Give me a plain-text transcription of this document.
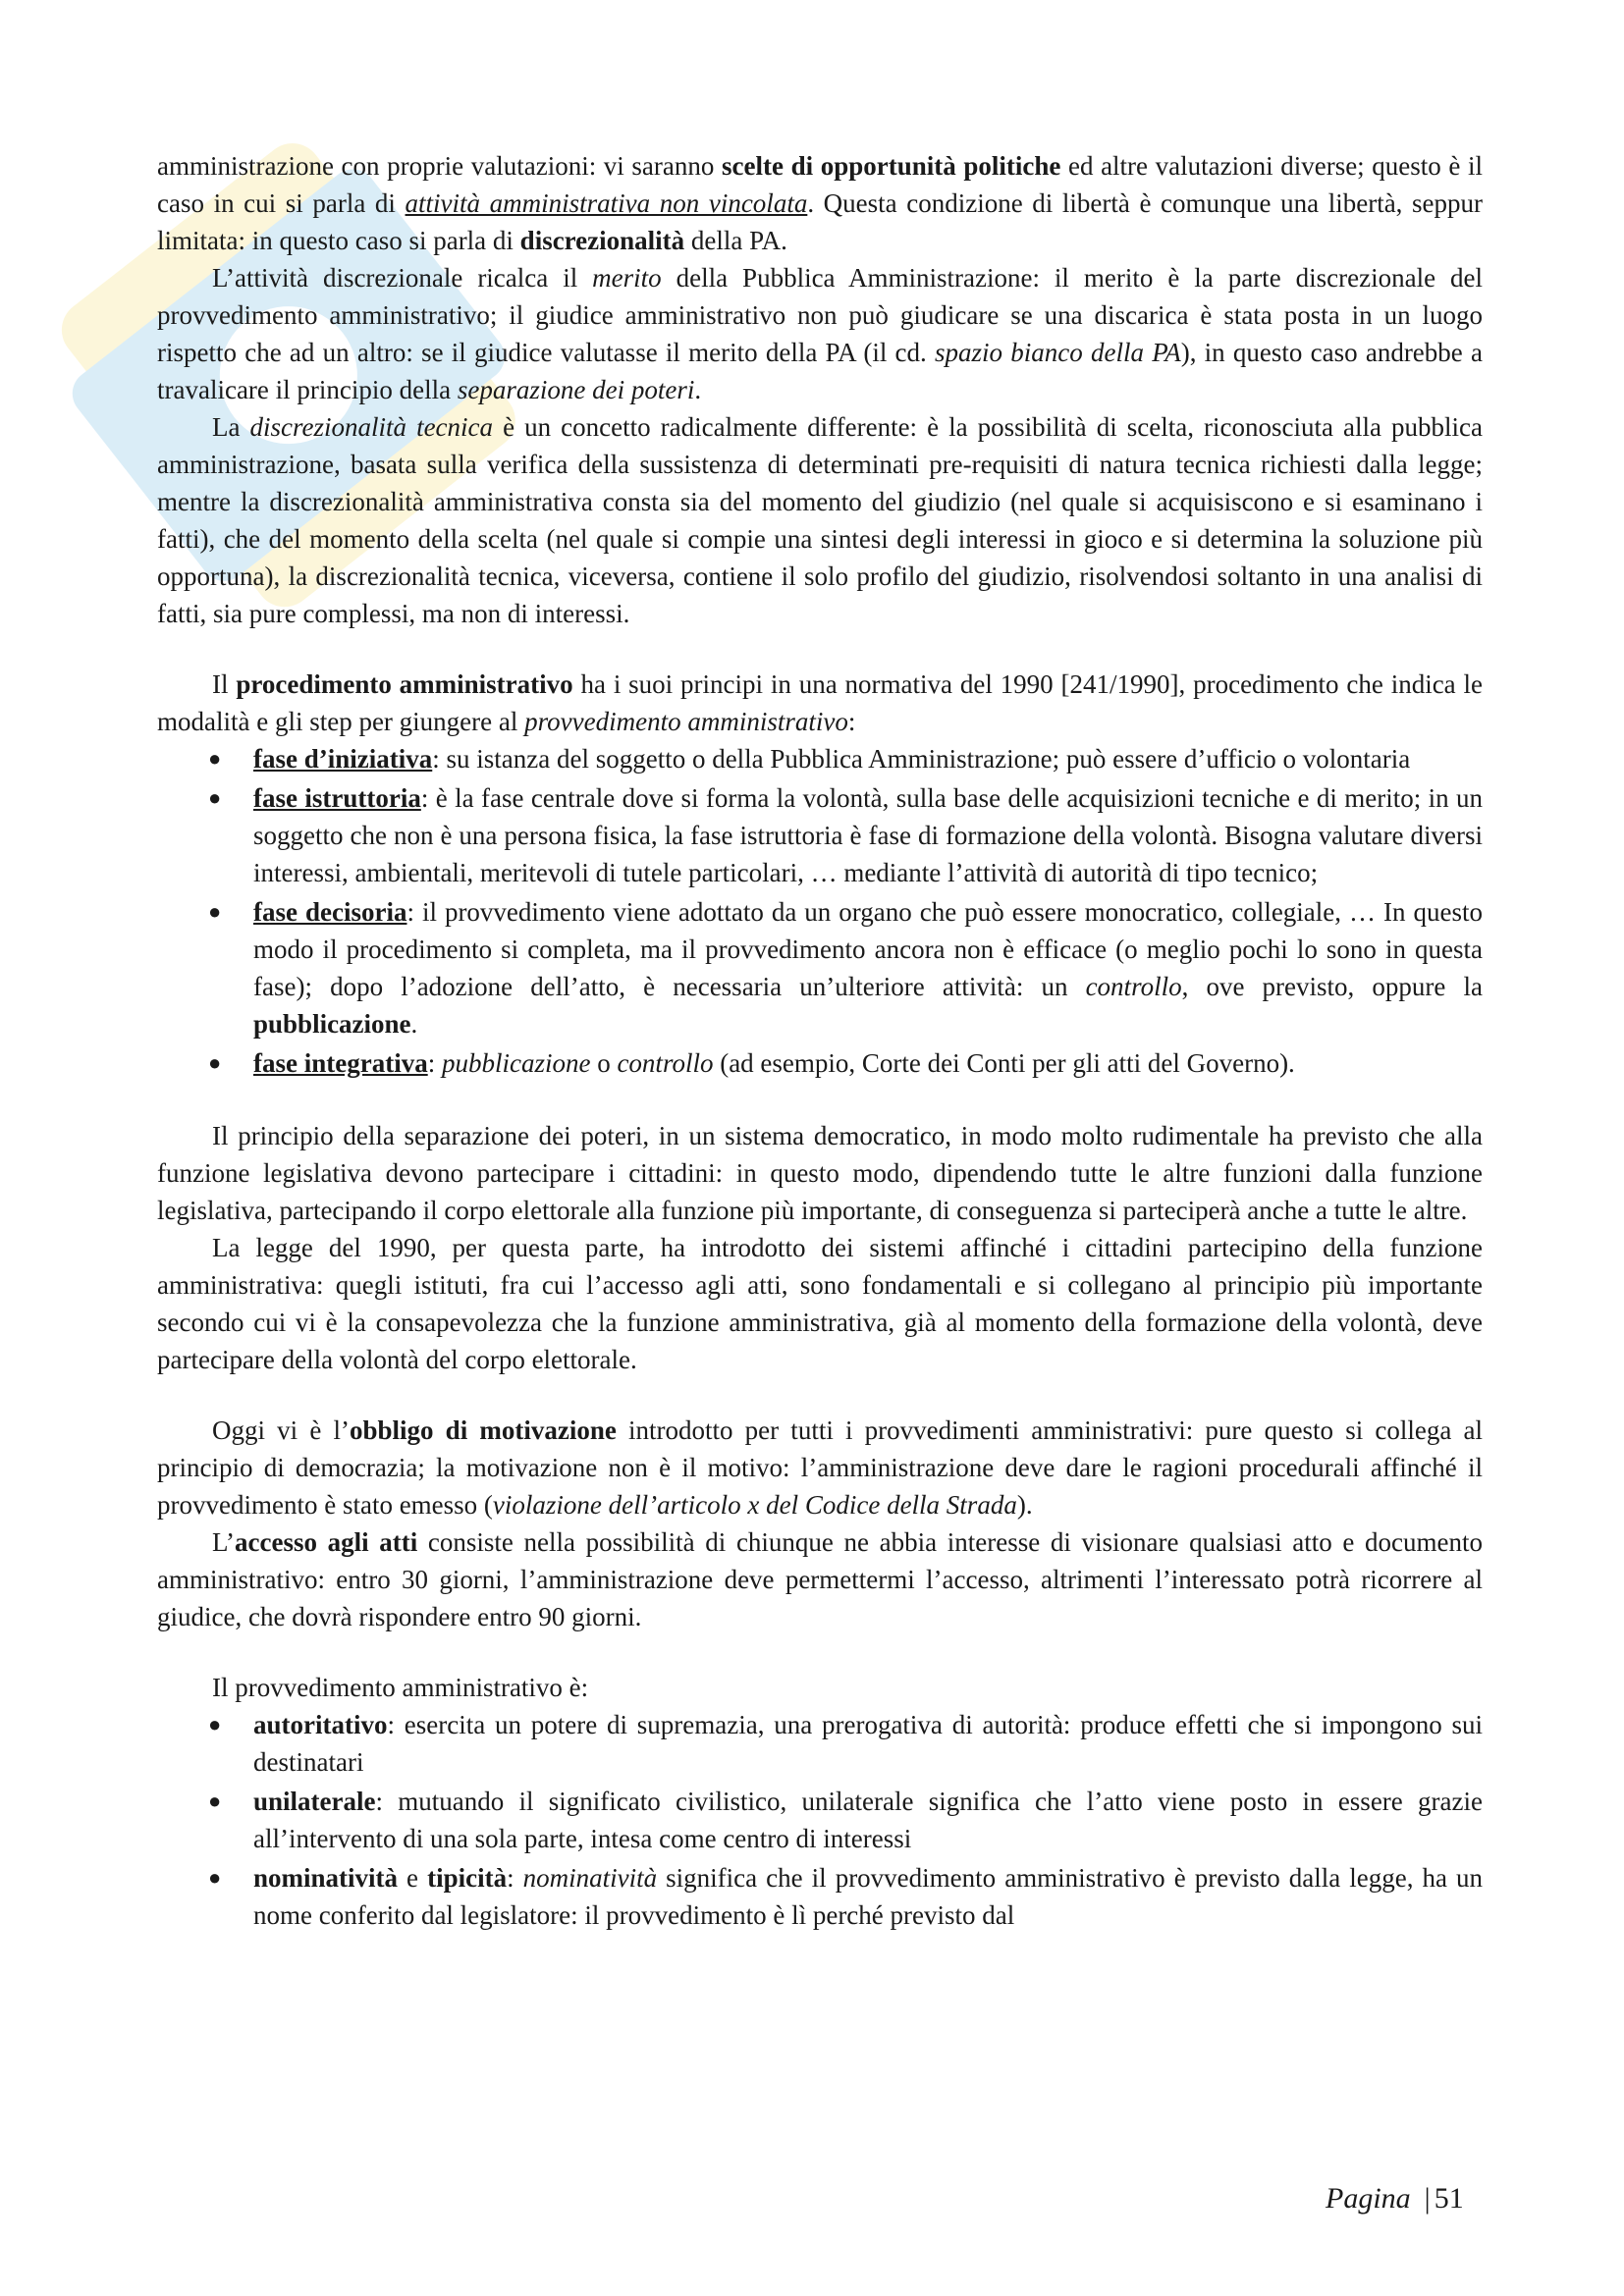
amministrazione con proprie valutazioni: vi saranno scelte di opportunità politiche ed altre valutazioni diverse; questo è il caso in cui si parla di attività amministrativa non vincolata. Questa condizione di libertà è comunque una libertà, seppur limitata: in questo caso si parla di discrezionalità della PA.

L’attività discrezionale ricalca il merito della Pubblica Amministrazione: il merito è la parte discrezionale del provvedimento amministrativo; il giudice amministrativo non può giudicare se una discarica è stata posta in un luogo rispetto che ad un altro: se il giudice valutasse il merito della PA (il cd. spazio bianco della PA), in questo caso andrebbe a travalicare il principio della separazione dei poteri.

La discrezionalità tecnica è un concetto radicalmente differente: è la possibilità di scelta, riconosciuta alla pubblica amministrazione, basata sulla verifica della sussistenza di determinati pre-requisiti di natura tecnica richiesti dalla legge; mentre la discrezionalità amministrativa consta sia del momento del giudizio (nel quale si acquisiscono e si esaminano i fatti), che del momento della scelta (nel quale si compie una sintesi degli interessi in gioco e si determina la soluzione più opportuna), la discrezionalità tecnica, viceversa, contiene il solo profilo del giudizio, risolvendosi soltanto in una analisi di fatti, sia pure complessi, ma non di interessi.

Il procedimento amministrativo ha i suoi principi in una normativa del 1990 [241/1990], procedimento che indica le modalità e gli step per giungere al provvedimento amministrativo:

● fase d’iniziativa: su istanza del soggetto o della Pubblica Amministrazione; può essere d’ufficio o volontaria
● fase istruttoria: è la fase centrale dove si forma la volontà, sulla base delle acquisizioni tecniche e di merito; in un soggetto che non è una persona fisica, la fase istruttoria è fase di formazione della volontà. Bisogna valutare diversi interessi, ambientali, meritevoli di tutele particolari, … mediante l’attività di autorità di tipo tecnico;
● fase decisoria: il provvedimento viene adottato da un organo che può essere monocratico, collegiale, … In questo modo il procedimento si completa, ma il provvedimento ancora non è efficace (o meglio pochi lo sono in questa fase); dopo l’adozione dell’atto, è necessaria un’ulteriore attività: un controllo, ove previsto, oppure la pubblicazione.
● fase integrativa: pubblicazione o controllo (ad esempio, Corte dei Conti per gli atti del Governo).

Il principio della separazione dei poteri, in un sistema democratico, in modo molto rudimentale ha previsto che alla funzione legislativa devono partecipare i cittadini: in questo modo, dipendendo tutte le altre funzioni dalla funzione legislativa, partecipando il corpo elettorale alla funzione più importante, di conseguenza si parteciperà anche a tutte le altre.

La legge del 1990, per questa parte, ha introdotto dei sistemi affinché i cittadini partecipino della funzione amministrativa: quegli istituti, fra cui l’accesso agli atti, sono fondamentali e si collegano al principio più importante secondo cui vi è la consapevolezza che la funzione amministrativa, già al momento della formazione della volontà, deve partecipare della volontà del corpo elettorale.

Oggi vi è l’obbligo di motivazione introdotto per tutti i provvedimenti amministrativi: pure questo si collega al principio di democrazia; la motivazione non è il motivo: l’amministrazione deve dare le ragioni procedurali affinché il provvedimento è stato emesso (violazione dell’articolo x del Codice della Strada).

L’accesso agli atti consiste nella possibilità di chiunque ne abbia interesse di visionare qualsiasi atto e documento amministrativo: entro 30 giorni, l’amministrazione deve permettermi l’accesso, altrimenti l’interessato potrà ricorrere al giudice, che dovrà rispondere entro 90 giorni.

Il provvedimento amministrativo è:

● autoritativo: esercita un potere di supremazia, una prerogativa di autorità: produce effetti che si impongono sui destinatari
● unilaterale: mutuando il significato civilistico, unilaterale significa che l’atto viene posto in essere grazie all’intervento di una sola parte, intesa come centro di interessi
● nominatività e tipicità: nominatività significa che il provvedimento amministrativo è previsto dalla legge, ha un nome conferito dal legislatore: il provvedimento è lì perché previsto dal
Pagina | 51
